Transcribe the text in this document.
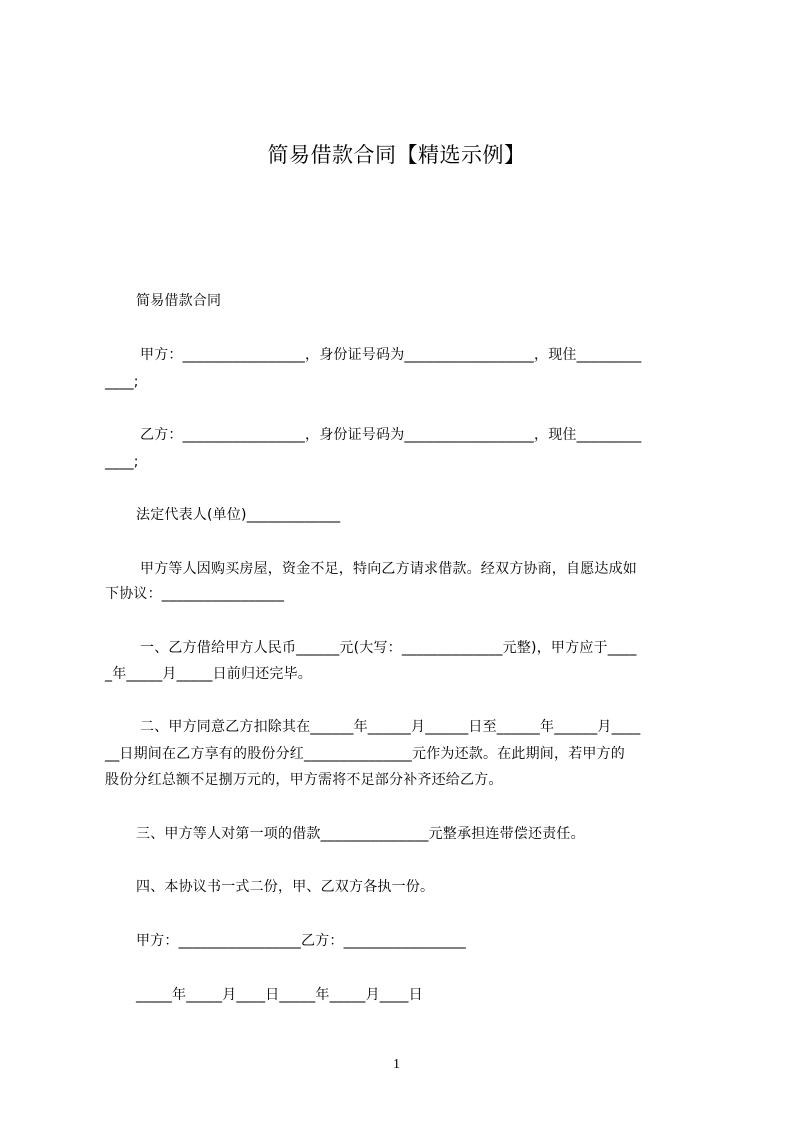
简易借款合同【精选示例】
简易借款合同
甲方：_________________，身份证号码为__________________，现住_________
____;
乙方：_________________，身份证号码为__________________，现住_________
____;
法定代表人(单位)_____________
甲方等人因购买房屋，资金不足，特向乙方请求借款。经双方协商，自愿达成如
下协议：_________________
一、乙方借给甲方人民币______元(大写：______________元整)，甲方应于____
_年_____月_____日前归还完毕。
二、甲方同意乙方扣除其在______年______月______日至______年______月____
__日期间在乙方享有的股份分红_______________元作为还款。在此期间，若甲方的
股份分红总额不足捌万元的，甲方需将不足部分补齐还给乙方。
三、甲方等人对第一项的借款_______________元整承担连带偿还责任。
四、本协议书一式二份，甲、乙双方各执一份。
甲方：_________________乙方：_________________
_____年_____月____日_____年_____月____日
1
